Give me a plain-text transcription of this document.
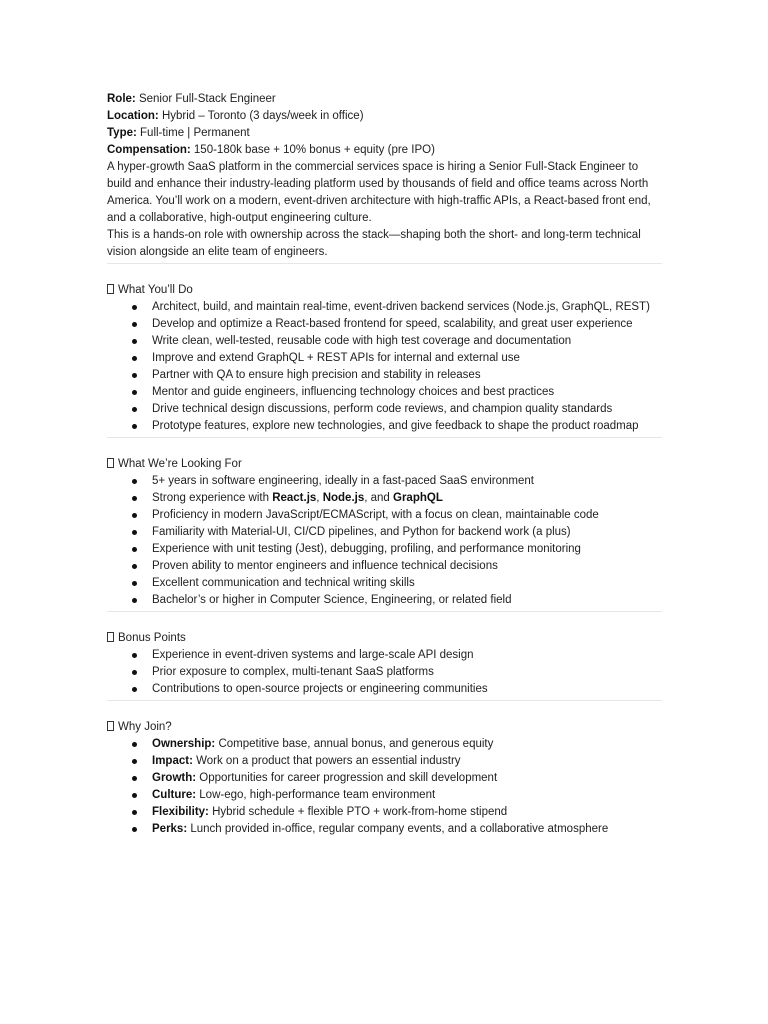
Role: Senior Full-Stack Engineer
Location: Hybrid – Toronto (3 days/week in office)
Type: Full-time | Permanent
Compensation: 150-180k base + 10% bonus + equity (pre IPO)

A hyper-growth SaaS platform in the commercial services space is hiring a Senior Full-Stack Engineer to build and enhance their industry-leading platform used by thousands of field and office teams across North America. You’ll work on a modern, event-driven architecture with high-traffic APIs, a React-based front end, and a collaborative, high-output engineering culture.

This is a hands-on role with ownership across the stack—shaping both the short- and long-term technical vision alongside an elite team of engineers.

What You’ll Do
Architect, build, and maintain real-time, event-driven backend services (Node.js, GraphQL, REST)
Develop and optimize a React-based frontend for speed, scalability, and great user experience
Write clean, well-tested, reusable code with high test coverage and documentation
Improve and extend GraphQL + REST APIs for internal and external use
Partner with QA to ensure high precision and stability in releases
Mentor and guide engineers, influencing technology choices and best practices
Drive technical design discussions, perform code reviews, and champion quality standards
Prototype features, explore new technologies, and give feedback to shape the product roadmap
What We’re Looking For
5+ years in software engineering, ideally in a fast-paced SaaS environment
Strong experience with React.js, Node.js, and GraphQL
Proficiency in modern JavaScript/ECMAScript, with a focus on clean, maintainable code
Familiarity with Material-UI, CI/CD pipelines, and Python for backend work (a plus)
Experience with unit testing (Jest), debugging, profiling, and performance monitoring
Proven ability to mentor engineers and influence technical decisions
Excellent communication and technical writing skills
Bachelor’s or higher in Computer Science, Engineering, or related field
Bonus Points
Experience in event-driven systems and large-scale API design
Prior exposure to complex, multi-tenant SaaS platforms
Contributions to open-source projects or engineering communities
Why Join?
Ownership: Competitive base, annual bonus, and generous equity
Impact: Work on a product that powers an essential industry
Growth: Opportunities for career progression and skill development
Culture: Low-ego, high-performance team environment
Flexibility: Hybrid schedule + flexible PTO + work-from-home stipend
Perks: Lunch provided in-office, regular company events, and a collaborative atmosphere
